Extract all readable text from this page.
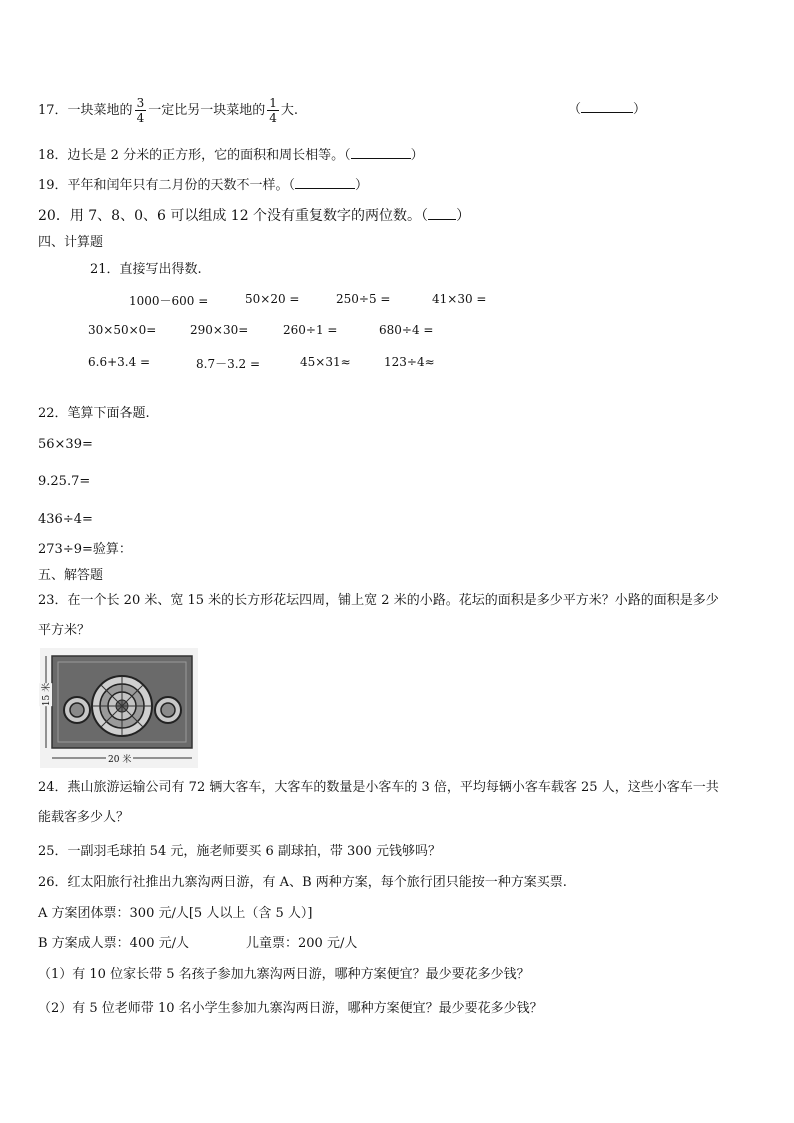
17．一块菜地的 $\frac{3}{4}$ 一定比另一块菜地的 $\frac{1}{4}$ 大.	（	）
18．边长是 2 分米的正方形，它的面积和周长相等。（	）
19．平年和闰年只有二月份的天数不一样。（	）
20．用 7、8、0、6 可以组成 12 个没有重复数字的两位数。（ ）
四、计算题
21．直接写出得数.
1000－600 =	50×20 =	250÷5 =	41×30 =
30×50×0=	290×30=	260÷1 =	680÷4 =
6.6+3.4 =	8.7－3.2 =	45×31≈	123÷4≈
22．笔算下面各题.
56×39=
9.25.7=
436÷4=
273÷9=验算：
五、解答题
23．在一个长 20 米、宽 15 米的长方形花坛四周，铺上宽 2 米的小路。花坛的面积是多少平方米？小路的面积是多少
平方米？
15 米
20 米
24．燕山旅游运输公司有 72 辆大客车，大客车的数量是小客车的 3 倍，平均每辆小客车载客 25 人，这些小客车一共
能载客多少人？
25．一副羽毛球拍 54 元，施老师要买 6 副球拍，带 300 元钱够吗？
26．红太阳旅行社推出九寨沟两日游，有 A、B 两种方案，每个旅行团只能按一种方案买票.
A 方案团体票：300 元/人[5 人以上（含 5 人）]
B 方案成人票：400 元/人	儿童票：200 元/人
（1）有 10 位家长带 5 名孩子参加九寨沟两日游，哪种方案便宜？最少要花多少钱？
（2）有 5 位老师带 10 名小学生参加九寨沟两日游，哪种方案便宜？最少要花多少钱？
